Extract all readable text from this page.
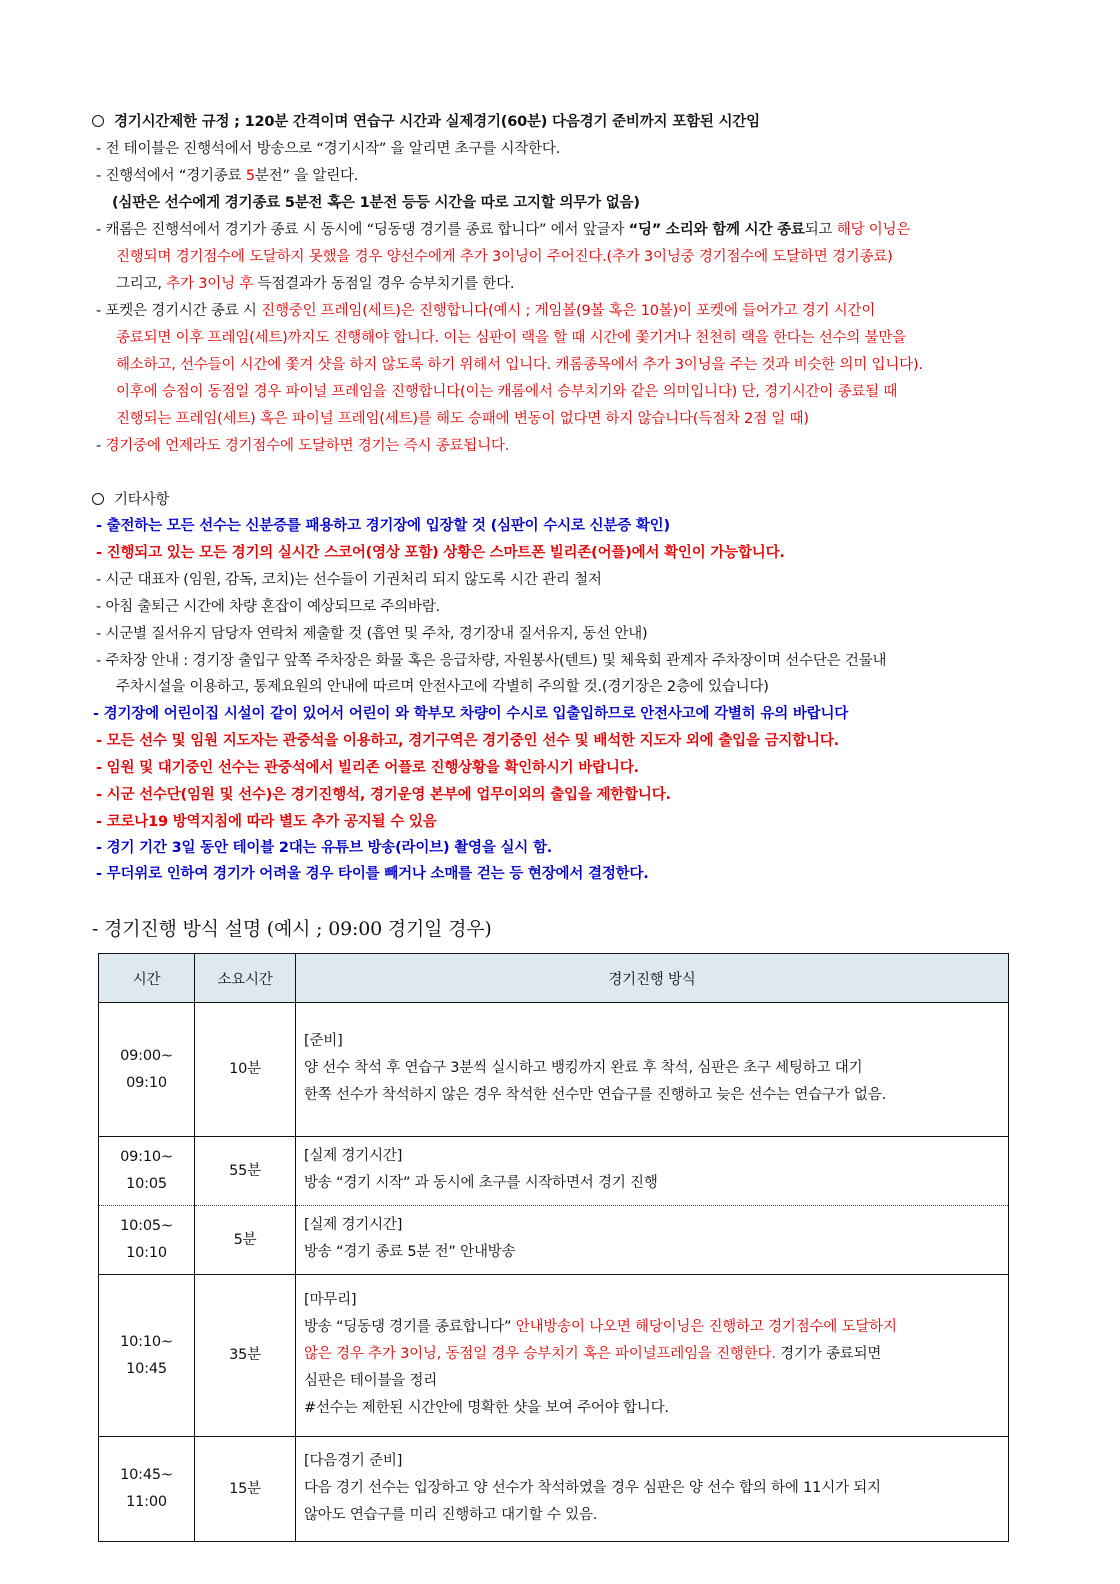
경기시간제한 규정 ; 120분 간격이며 연습구 시간과 실제경기(60분) 다음경기 준비까지 포함된 시간임
- 전 테이블은 진행석에서 방송으로 “경기시작” 을 알리면 초구를 시작한다.
- 진행석에서 “경기종료 5분전” 을 알린다.
(심판은 선수에게 경기종료 5분전 혹은 1분전 등등 시간을 따로 고지할 의무가 없음)
- 캐롬은 진행석에서 경기가 종료 시 동시에 “딩동댕 경기를 종료 합니다” 에서 앞글자 “딩” 소리와 함께 시간 종료되고 해당 이닝은
진행되며 경기점수에 도달하지 못했을 경우 양선수에게 추가 3이닝이 주어진다.(추가 3이닝중 경기점수에 도달하면 경기종료)
그리고, 추가 3이닝 후 득점결과가 동점일 경우 승부치기를 한다.
- 포켓은 경기시간 종료 시 진행중인 프레임(세트)은 진행합니다(예시 ; 게임볼(9볼 혹은 10볼)이 포켓에 들어가고 경기 시간이
종료되면 이후 프레임(세트)까지도 진행해야 합니다. 이는 심판이 랙을 할 때 시간에 쫓기거나 천천히 랙을 한다는 선수의 불만을
해소하고, 선수들이 시간에 쫓겨 샷을 하지 않도록 하기 위해서 입니다. 캐롬종목에서 추가 3이닝을 주는 것과 비슷한 의미 입니다).
이후에 승점이 동점일 경우 파이널 프레임을 진행합니다(이는 캐롬에서 승부치기와 같은 의미입니다) 단, 경기시간이 종료될 때
진행되는 프레임(세트) 혹은 파이널 프레임(세트)를 해도 승패에 변동이 없다면 하지 않습니다(득점차 2점 일 때)
- 경기중에 언제라도 경기점수에 도달하면 경기는 즉시 종료됩니다.
기타사항
- 출전하는 모든 선수는 신분증를 패용하고 경기장에 입장할 것 (심판이 수시로 신분증 확인)
- 진행되고 있는 모든 경기의 실시간 스코어(영상 포함) 상황은 스마트폰 빌리존(어플)에서 확인이 가능합니다.
- 시군 대표자 (임원, 감독, 코치)는 선수들이 기권처리 되지 않도록 시간 관리 철저
- 아침 출퇴근 시간에 차량 혼잡이 예상되므로 주의바람.
- 시군별 질서유지 담당자 연락처 제출할 것 (흡연 및 주차, 경기장내 질서유지, 동선 안내)
- 주차장 안내 : 경기장 출입구 앞쪽 주차장은 화물 혹은 응급차량, 자원봉사(텐트) 및 체육회 관계자 주차장이며 선수단은 건물내
주차시설을 이용하고, 통제요원의 안내에 따르며 안전사고에 각별히 주의할 것.(경기장은 2층에 있습니다)
- 경기장에 어린이집 시설이 같이 있어서 어린이 와 학부모 차량이 수시로 입출입하므로 안전사고에 각별히 유의 바랍니다
- 모든 선수 및 임원 지도자는 관중석을 이용하고, 경기구역은 경기중인 선수 및 배석한 지도자 외에 출입을 금지합니다.
- 임원 및 대기중인 선수는 관중석에서 빌리존 어플로 진행상황을 확인하시기 바랍니다.
- 시군 선수단(임원 및 선수)은 경기진행석, 경기운영 본부에 업무이외의 출입을 제한합니다.
- 코로나19 방역지침에 따라 별도 추가 공지될 수 있음
- 경기 기간 3일 동안 테이블 2대는 유튜브 방송(라이브) 촬영을 실시 함.
- 무더위로 인하여 경기가 어려울 경우 타이를 빼거나 소매를 걷는 등 현장에서 결정한다.
- 경기진행 방식 설명 (예시 ; 09:00 경기일 경우)
시간	소요시간	경기진행 방식

09:00~
09:10	10분	[준비]
양 선수 착석 후 연습구 3분씩 실시하고 뱅킹까지 완료 후 착석, 심판은 초구 세팅하고 대기
한쪽 선수가 착석하지 않은 경우 착석한 선수만 연습구를 진행하고 늦은 선수는 연습구가 없음.

09:10~
10:05	55분	[실제 경기시간]
방송 “경기 시작” 과 동시에 초구를 시작하면서 경기 진행

10:05~
10:10	5분	[실제 경기시간]
방송 “경기 종료 5분 전” 안내방송

10:10~
10:45	35분	[마무리]
방송 “딩동댕 경기를 종료합니다” 안내방송이 나오면 해당이닝은 진행하고 경기점수에 도달하지
않은 경우 추가 3이닝, 동점일 경우 승부치기 혹은 파이널프레임을 진행한다. 경기가 종료되면
심판은 테이블을 정리
#선수는 제한된 시간안에 명확한 샷을 보여 주어야 합니다.

10:45~
11:00	15분	[다음경기 준비]
다음 경기 선수는 입장하고 양 선수가 착석하였을 경우 심판은 양 선수 합의 하에 11시가 되지
않아도 연습구를 미리 진행하고 대기할 수 있음.
